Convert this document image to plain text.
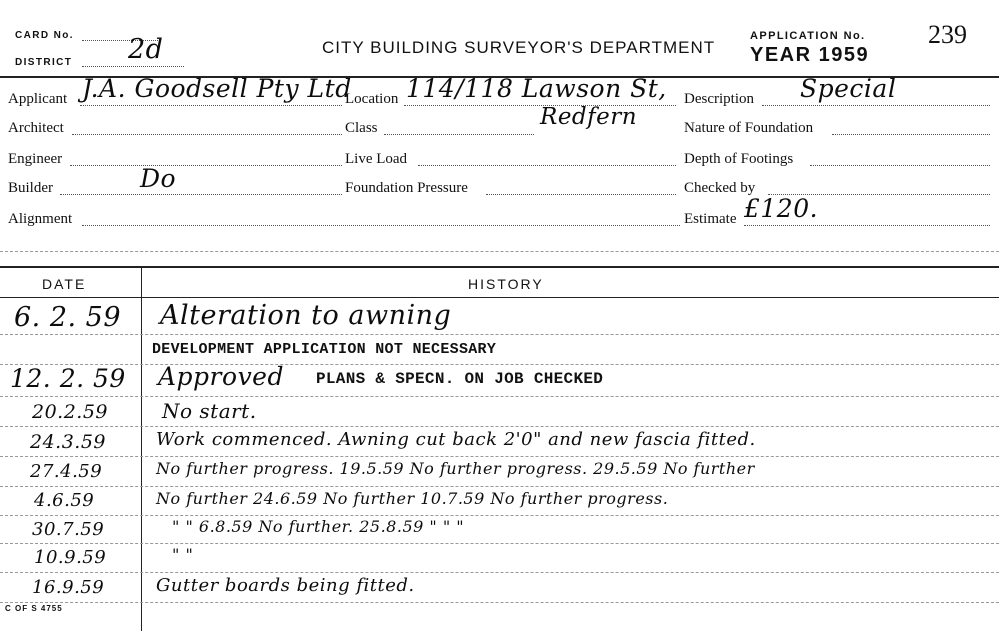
CARD No.
DISTRICT 2d	CITY BUILDING SURVEYOR'S DEPARTMENT
APPLICATION No. 239
YEAR 1959
Applicant J.A. Goodsell Pty Ltd
Architect
Engineer
Builder	Do
Alignment
Location 114/118 Lawson St,
Redfern
Class
Live Load
Foundation Pressure
Description Special
Nature of Foundation
Depth of Footings
Checked by
Estimate £120.
DATE	HISTORY
6. 2. 59 Alteration to awning
DEVELOPMENT APPLICATION NOT NECESSARY
12. 2. 59 Approved PLANS & SPECN. ON JOB CHECKED
20.2.59	No start.
24.3.59	Work commenced. Awning cut back 2'0" and new fascia fitted.
27.4.59	No further progress. 19.5.59 No further progress. 29.5.59 No further
4.6.59	No further 24.6.59 No further 10.7.59 No further progress.
30.7.59	" " 6.8.59 No further. 25.8.59 " " "
10.9.59	" "
16.9.59	Gutter boards being fitted.
C OF S 4755
